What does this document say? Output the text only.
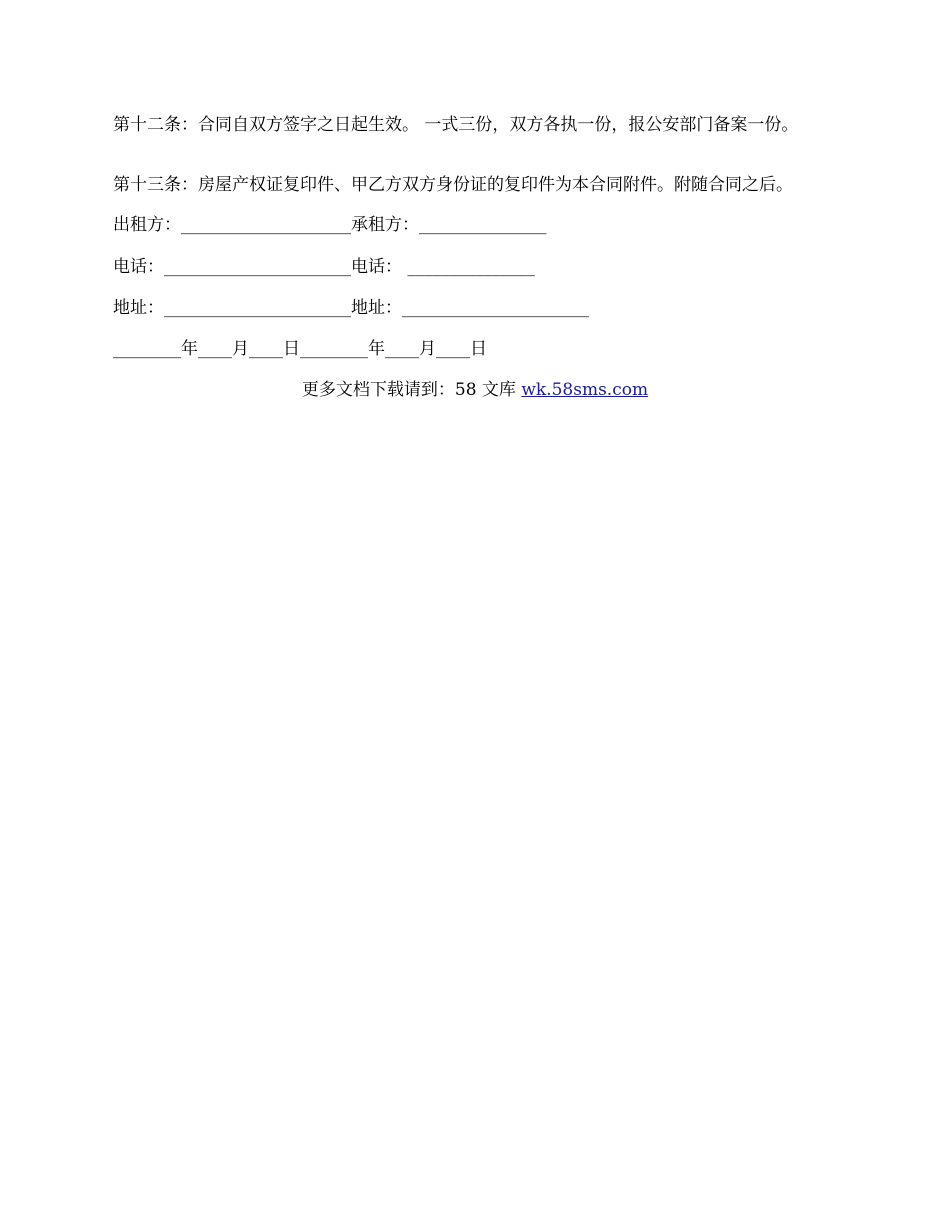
第十二条：合同自双方签字之日起生效。 一式三份，双方各执一份，报公安部门备案一份。
第十三条：房屋产权证复印件、甲乙方双方身份证的复印件为本合同附件。附随合同之后。
出租方：____________________承租方：_______________
电话：______________________电话： _______________
地址：______________________地址：______________________
________年____月____日________年____月____日
更多文档下载请到：58 文库 wk.58sms.com
